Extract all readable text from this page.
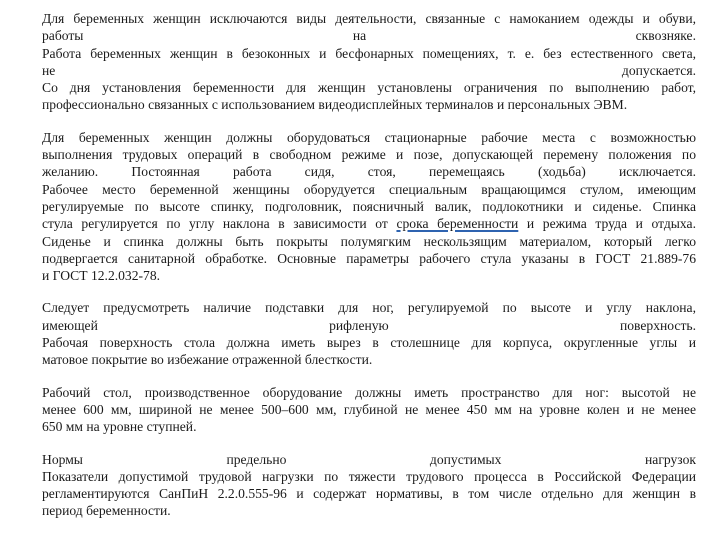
Для беременных женщин исключаются виды деятельности, связанные с намоканием одежды и обуви,
работы на сквозняке.
Работа беременных женщин в безоконных и бесфонарных помещениях, т. е. без естественного света,
не допускается.
Со дня установления беременности для женщин установлены ограничения по выполнению работ,
профессионально связанных с использованием видеодисплейных терминалов и персональных ЭВМ.
Для беременных женщин должны оборудоваться стационарные рабочие места с возможностью
выполнения трудовых операций в свободном режиме и позе, допускающей перемену положения по
желанию. Постоянная работа сидя, стоя, перемещаясь (ходьба) исключается.
Рабочее место беременной женщины оборудуется специальным вращающимся стулом, имеющим
регулируемые по высоте спинку, подголовник, поясничный валик, подлокотники и сиденье. Спинка
стула регулируется по углу наклона в зависимости от срока беременности и режима труда и отдыха.
Сиденье и спинка должны быть покрыты полумягким нескользящим материалом, который легко
подвергается санитарной обработке. Основные параметры рабочего стула указаны в ГОСТ 21.889-76
и ГОСТ 12.2.032-78.
Следует предусмотреть наличие подставки для ног, регулируемой по высоте и углу наклона,
имеющей рифленую поверхность.
Рабочая поверхность стола должна иметь вырез в столешнице для корпуса, округленные углы и
матовое покрытие во избежание отраженной блесткости.
Рабочий стол, производственное оборудование должны иметь пространство для ног: высотой не
менее 600 мм, шириной не менее 500–600 мм, глубиной не менее 450 мм на уровне колен и не менее
650 мм на уровне ступней.
Нормы предельно допустимых нагрузок
Показатели допустимой трудовой нагрузки по тяжести трудового процесса в Российской Федерации
регламентируются СанПиН 2.2.0.555-96 и содержат нормативы, в том числе отдельно для женщин в
период беременности.
